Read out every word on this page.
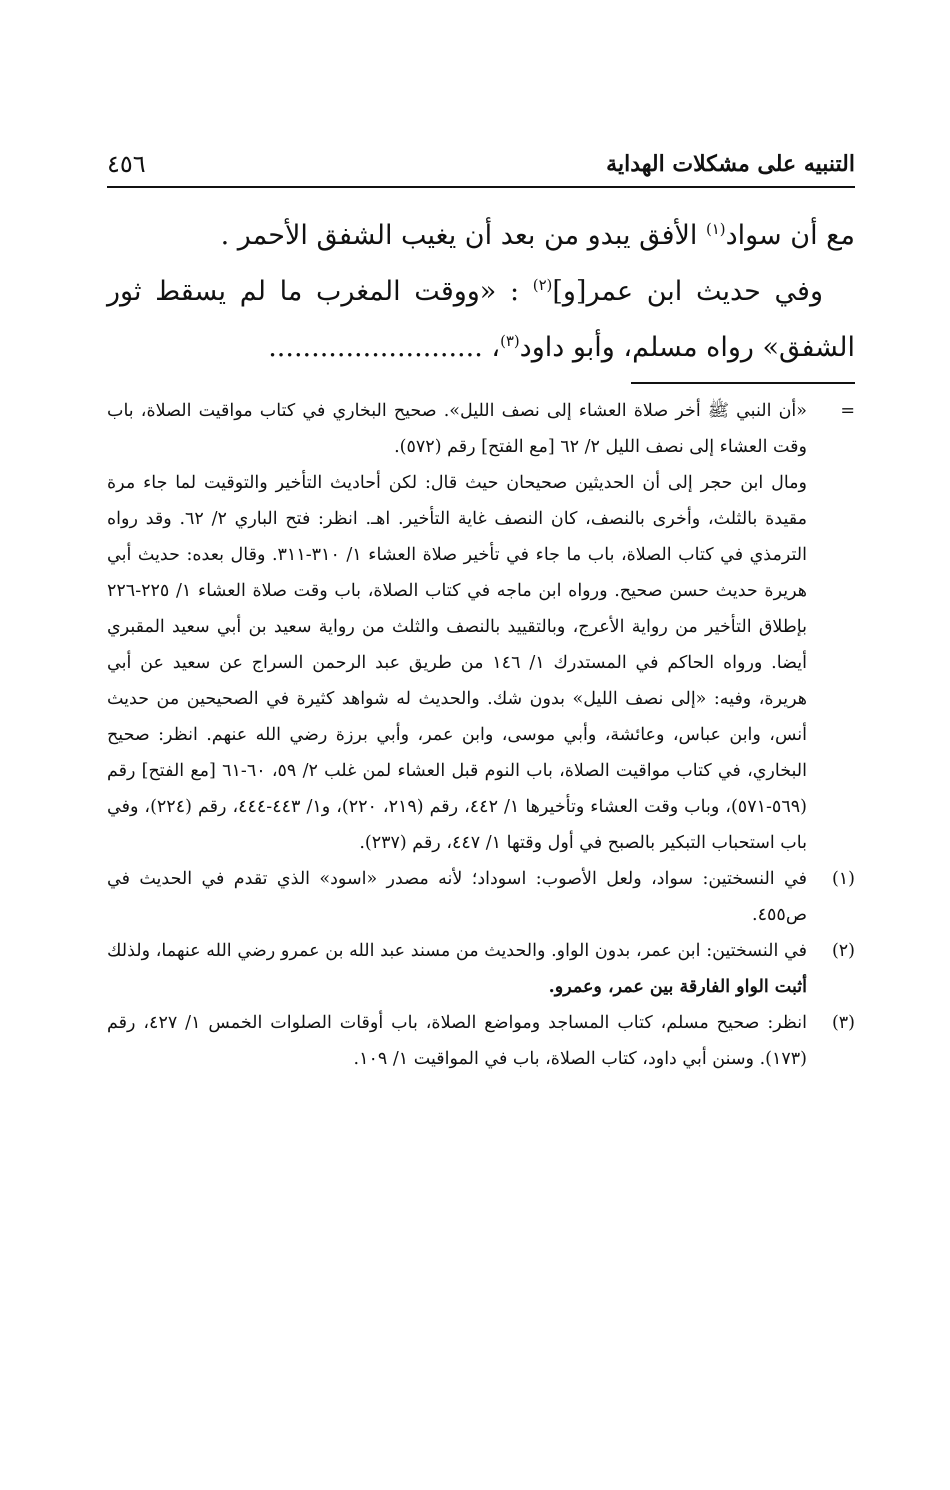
التنبيه على مشكلات الهداية
٤٥٦

مع أن سواد$^{(١)}$ الأفق يبدو من بعد أن يغيب الشفق الأحمر .

وفي حديث ابن عمر[و]$^{(٢)}$ : «ووقت المغرب ما لم يسقط ثور الشفق» رواه مسلم، وأبو داود$^{(٣)}$، .........................

=

«أن النبي ﷺ أخر صلاة العشاء إلى نصف الليل». صحيح البخاري في كتاب مواقيت الصلاة، باب وقت العشاء إلى نصف الليل ٢/ ٦٢ [مع الفتح] رقم (٥٧٢).

ومال ابن حجر إلى أن الحديثين صحيحان حيث قال: لكن أحاديث التأخير والتوقيت لما جاء مرة مقيدة بالثلث، وأخرى بالنصف، كان النصف غاية التأخير. اهـ. انظر: فتح الباري ٢/ ٦٢. وقد رواه الترمذي في كتاب الصلاة، باب ما جاء في تأخير صلاة العشاء ١/ ٣١٠-٣١١. وقال بعده: حديث أبي هريرة حديث حسن صحيح. ورواه ابن ماجه في كتاب الصلاة، باب وقت صلاة العشاء ١/ ٢٢٥-٢٢٦ بإطلاق التأخير من رواية الأعرج، وبالتقييد بالنصف والثلث من رواية سعيد بن أبي سعيد المقبري أيضا. ورواه الحاكم في المستدرك ١/ ١٤٦ من طريق عبد الرحمن السراج عن سعيد عن أبي هريرة، وفيه: «إلى نصف الليل» بدون شك. والحديث له شواهد كثيرة في الصحيحين من حديث أنس، وابن عباس، وعائشة، وأبي موسى، وابن عمر، وأبي برزة رضي الله عنهم. انظر: صحيح البخاري، في كتاب مواقيت الصلاة، باب النوم قبل العشاء لمن غلب ٢/ ٥٩، ٦٠-٦١ [مع الفتح] رقم (٥٦٩-٥٧١)، وباب وقت العشاء وتأخيرها ١/ ٤٤٢، رقم (٢١٩، ٢٢٠)، و١/ ٤٤٣-٤٤٤، رقم (٢٢٤)، وفي باب استحباب التبكير بالصبح في أول وقتها ١/ ٤٤٧، رقم (٢٣٧).

(١)

في النسختين: سواد، ولعل الأصوب: اسوداد؛ لأنه مصدر «اسود» الذي تقدم في الحديث في ص٤٥٥.

(٢)

في النسختين: ابن عمر، بدون الواو. والحديث من مسند عبد الله بن عمرو رضي الله عنهما، ولذلك أثبت الواو الفارقة بين عمر، وعمرو.

(٣)

انظر: صحيح مسلم، كتاب المساجد ومواضع الصلاة، باب أوقات الصلوات الخمس ١/ ٤٢٧، رقم (١٧٣). وسنن أبي داود، كتاب الصلاة، باب في المواقيت ١/ ١٠٩.
